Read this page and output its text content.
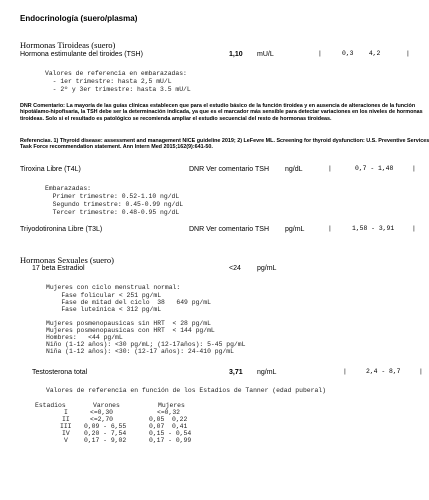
Endocrinología (suero/plasma)
Hormonas Tiroideas (suero)
Hormona estimulante del tiroides (TSH)	1,10 mU/L	|	0,3    4,2	|
Valores de referencia en embarazadas:
- 1er trimestre: hasta 2,5 mU/L
- 2º y 3er trimestre: hasta 3.5 mU/L
DNR Comentario: La mayoría de las guías clínicas establecen que para el estudio básico de la función tiroidea y en ausencia de alteraciones de la función hipotálamo-hipofisaria, la TSH debe ser la determinación indicada, ya que es el marcador más sensible para detectar variaciones en los niveles de hormonas tiroideas. Solo si el resultado es patológico se recomienda ampliar el estudio secuencial del resto de hormonas tiroideas.
Referencias. 1) Thyroid disease: assessment and management NICE guideline 2019; 2) LeFevre ML. Screening for thyroid dysfunction: U.S. Preventive Services Task Force recommendation statement. Ann Intern Med 2015;162(9):641-50.
Tiroxina Libre (T4L)	DNR Ver comentario TSH ng/dL	|	0,7 - 1,48	|
Embarazadas:
Primer trimestre: 0.52-1.10 ng/dL
Segundo trimestre: 0.45-0.99 ng/dL
Tercer trimestre: 0.48-0.95 ng/dL
Triyodotironina Libre (T3L)	DNR Ver comentario TSH pg/mL	|	1,58 - 3,91	|
Hormonas Sexuales (suero)
17 beta Estradiol	<24 pg/mL
Mujeres con ciclo menstrual normal:
Fase folicular < 251 pg/mL
Fase de mitad del ciclo  38   649 pg/mL
Fase luteínica < 312 pg/mL
Mujeres posmenopausicas sin HRT  < 28 pg/mL
Mujeres posmenopausicas con HRT  < 144 pg/mL
Hombres:   <44 pg/mL
Niño (1-12 años): <30 pg/mL; (12-17años): 5-45 pg/mL
Niña (1-12 años): <30: (12-17 años): 24-410 pg/mL
Testosterona total	3,71 ng/mL	|	2,4 - 8,7	|
Valores de referencia en función de los Estadios de Tanner (edad puberal)
Estadios	Varones	Mujeres
I	<=0,30	<=0,32
II	<=2,70	0,05  0,22
III 0,09 - 6,55	0,07  0,41
IV 0,20 - 7,54	0,15 - 0,54
V	0,17 - 9,02	0,17 - 0,99
